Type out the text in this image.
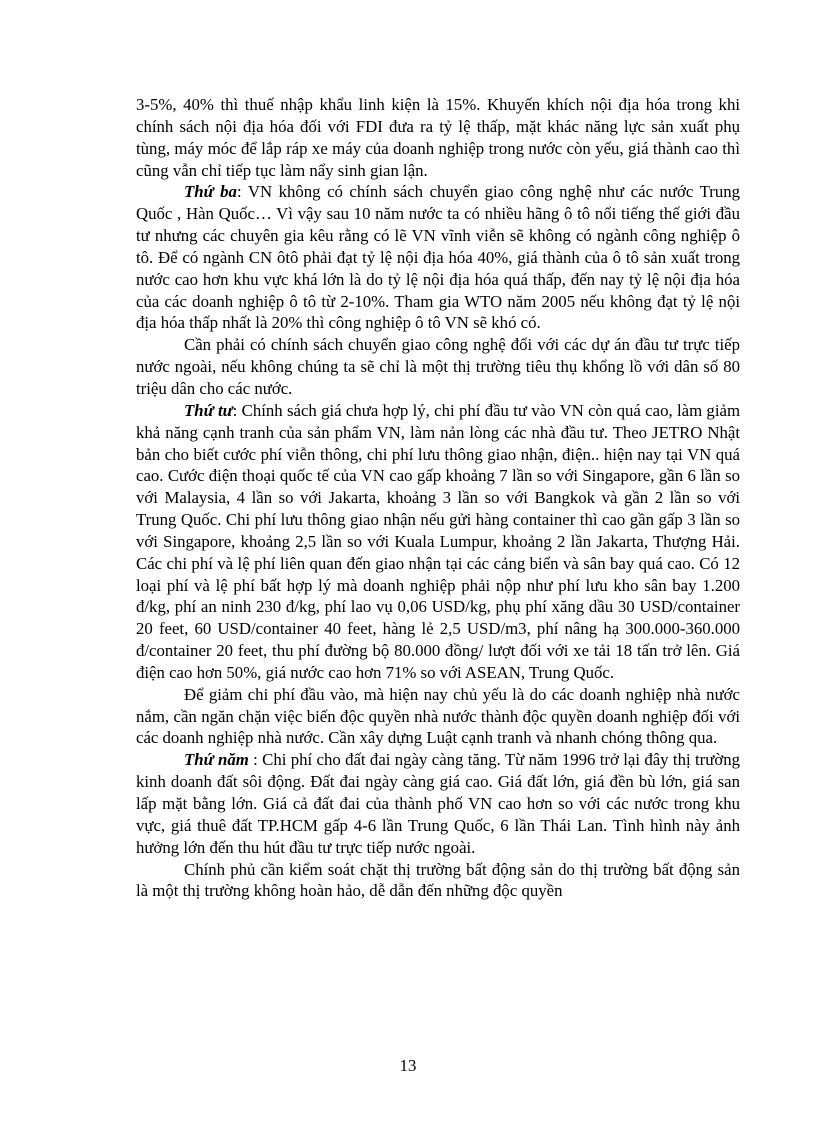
3-5%, 40% thì thuế nhập khẩu linh kiện là 15%. Khuyến khích nội địa hóa trong khi chính sách nội địa hóa đối với FDI đưa ra tỷ lệ thấp, mặt khác năng lực sản xuất phụ tùng, máy móc để lắp ráp xe máy của doanh nghiệp trong nước còn yếu, giá thành cao thì cũng vẫn chỉ tiếp tục làm nẩy sinh gian lận.

Thứ ba: VN không có chính sách chuyển giao công nghệ như các nước Trung Quốc , Hàn Quốc… Vì vậy sau 10 năm nước ta có nhiều hãng ô tô nổi tiếng thế giới đầu tư nhưng các chuyên gia kêu rằng có lẽ VN vĩnh viễn sẽ không có ngành công nghiệp ô tô. Để có ngành CN ôtô phải đạt tỷ lệ nội địa hóa 40%, giá thành của ô tô sản xuất trong nước cao hơn khu vực khá lớn là do tỷ lệ nội địa hóa quá thấp, đến nay tỷ lệ nội địa hóa của các doanh nghiệp ô tô từ 2-10%. Tham gia WTO năm 2005 nếu không đạt tỷ lệ nội địa hóa thấp nhất là 20% thì công nghiệp ô tô VN sẽ khó có.

Cần phải có chính sách chuyển giao công nghệ đối với các dự án đầu tư trực tiếp nước ngoài, nếu không chúng ta sẽ chỉ là một thị trường tiêu thụ khổng lồ với dân số 80 triệu dân cho các nước.

Thứ tư: Chính sách giá chưa hợp lý, chi phí đầu tư vào VN còn quá cao, làm giảm khả năng cạnh tranh của sản phẩm VN, làm nản lòng các nhà đầu tư. Theo JETRO Nhật bản cho biết cước phí viễn thông, chi phí lưu thông giao nhận, điện.. hiện nay tại VN quá cao. Cước điện thoại quốc tế của VN cao gấp khoảng 7 lần so với Singapore, gần 6 lần so với Malaysia, 4 lần so với Jakarta, khoảng 3 lần so với Bangkok và gần 2 lần so với Trung Quốc. Chi phí lưu thông giao nhận nếu gửi hàng container thì cao gần gấp 3 lần so với Singapore, khoảng 2,5 lần so với Kuala Lumpur, khoảng 2 lần Jakarta, Thượng Hải. Các chi phí và lệ phí liên quan đến giao nhận tại các cảng biển và sân bay quá cao. Có 12 loại phí và lệ phí bất hợp lý mà doanh nghiệp phải nộp như phí lưu kho sân bay 1.200 đ/kg, phí an ninh 230 đ/kg, phí lao vụ 0,06 USD/kg, phụ phí xăng dầu 30 USD/container 20 feet, 60 USD/container 40 feet, hàng lẻ 2,5 USD/m3, phí nâng hạ 300.000-360.000 đ/container 20 feet, thu phí đường bộ 80.000 đồng/ lượt đối với xe tải 18 tấn trở lên. Giá điện cao hơn 50%, giá nước cao hơn 71% so với ASEAN, Trung Quốc.

Để giảm chi phí đầu vào, mà hiện nay chủ yếu là do các doanh nghiệp nhà nước nắm, cần ngăn chặn việc biến độc quyền nhà nước thành độc quyền doanh nghiệp đối với các doanh nghiệp nhà nước. Cần xây dựng Luật cạnh tranh và nhanh chóng thông qua.

Thứ năm : Chi phí cho đất đai ngày càng tăng. Từ năm 1996 trở lại đây thị trường kinh doanh đất sôi động. Đất đai ngày càng giá cao. Giá đất lớn, giá đền bù lớn, giá san lấp mặt bằng lớn. Giá cả đất đai của thành phố VN cao hơn so với các nước trong khu vực, giá thuê đất TP.HCM gấp 4-6 lần Trung Quốc, 6 lần Thái Lan. Tình hình này ảnh hưởng lớn đến thu hút đầu tư trực tiếp nước ngoài.

Chính phủ cần kiểm soát chặt thị trường bất động sản do thị trường bất động sản là một thị trường không hoàn hảo, dễ dẫn đến những độc quyền

13
